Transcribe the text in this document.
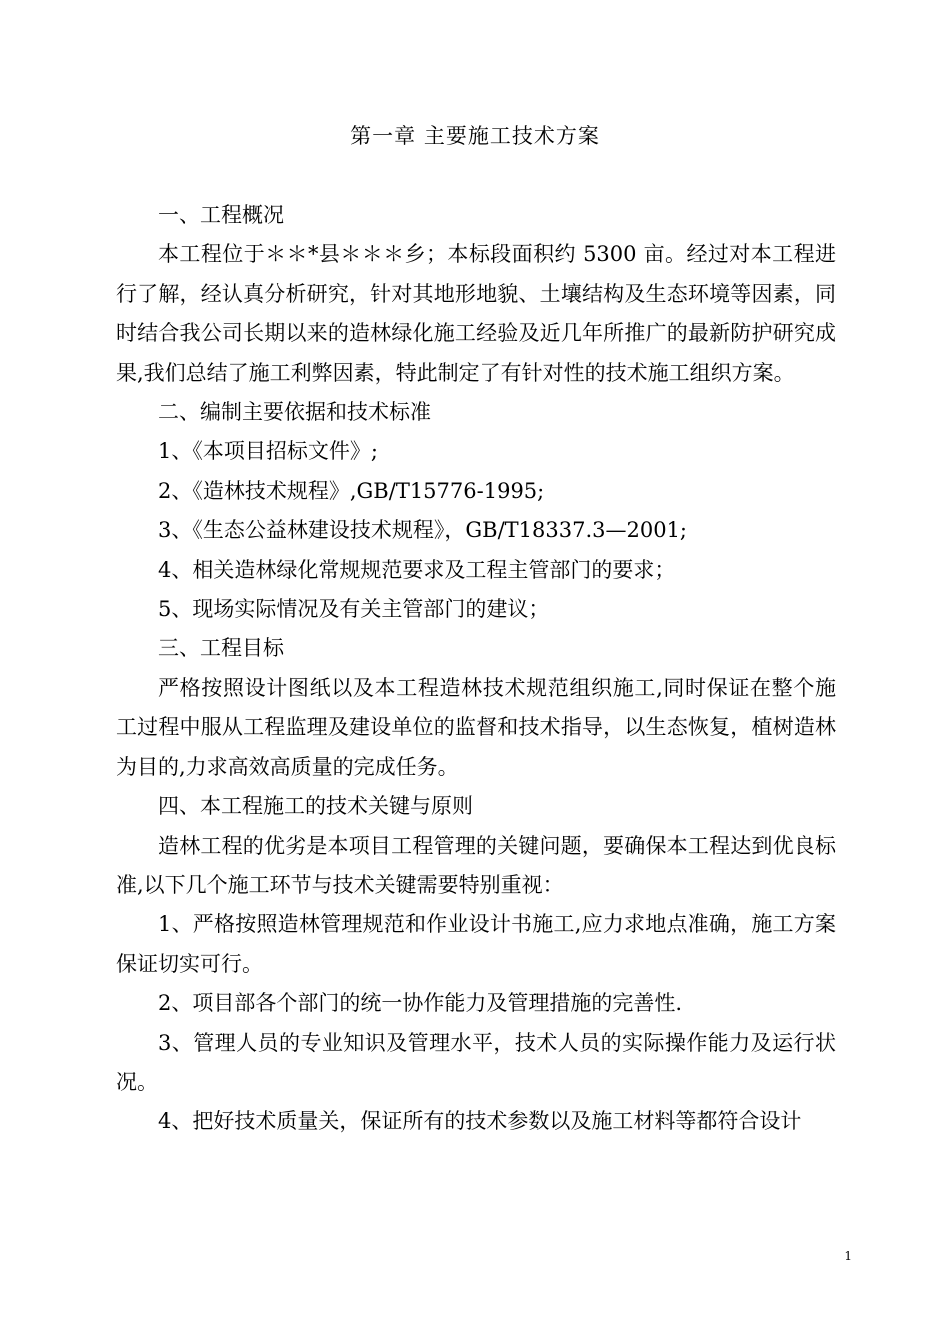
第一章 主要施工技术方案

一、工程概况

本工程位于＊＊*县＊＊＊乡；本标段面积约 5300 亩。经过对本工程进行了解，经认真分析研究，针对其地形地貌、土壤结构及生态环境等因素，同时结合我公司长期以来的造林绿化施工经验及近几年所推广的最新防护研究成果,我们总结了施工利弊因素，特此制定了有针对性的技术施工组织方案。

二、编制主要依据和技术标准

1、《本项目招标文件》;

2、《造林技术规程》,GB/T15776-1995;

3、《生态公益林建设技术规程》，GB/T18337.3—2001;

4、相关造林绿化常规规范要求及工程主管部门的要求；

5、现场实际情况及有关主管部门的建议；

三、工程目标

严格按照设计图纸以及本工程造林技术规范组织施工,同时保证在整个施工过程中服从工程监理及建设单位的监督和技术指导，以生态恢复，植树造林为目的,力求高效高质量的完成任务。

四、本工程施工的技术关键与原则

造林工程的优劣是本项目工程管理的关键问题，要确保本工程达到优良标准,以下几个施工环节与技术关键需要特别重视：

1、严格按照造林管理规范和作业设计书施工,应力求地点准确，施工方案保证切实可行。

2、项目部各个部门的统一协作能力及管理措施的完善性.

3、管理人员的专业知识及管理水平，技术人员的实际操作能力及运行状况。

4、把好技术质量关，保证所有的技术参数以及施工材料等都符合设计

1
